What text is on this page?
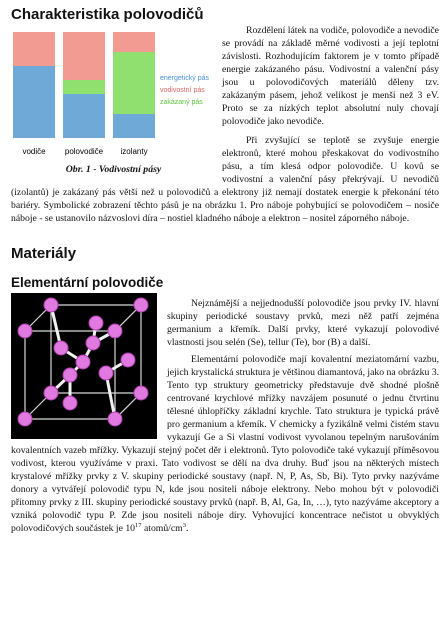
Charakteristika polovodičů
energetický pás
vodivostní pás
zakázaný pás
vodiče polovodiče izolanty
Obr. 1 - Vodivostní pásy

Rozdělení látek na vodiče, polovodiče a nevodiče se provádí na základě měrné vodivosti a její teplotní závislosti. Rozhodujícím faktorem je v tomto případě energie zakázaného pásu. Vodivostní a valenční pásy jsou u polovodičových materiálů děleny tzv. zakázaným pásem, jehož velikost je menší než 3 eV. Proto se za nízkých teplot absolutní nuly chovají polovodiče jako nevodiče.

Při zvyšující se teplotě se zvyšuje energie elektronů, které mohou přeskakovat do vodivostního pásu, a tím klesá odpor polovodiče. U kovů se vodivostní a valenční pásy překrývají. U nevodičů (izolantů) je zakázaný pás větší než u polovodičů a elektrony již nemají dostatek energie k překonání této bariéry. Symbolické zobrazení těchto pásů je na obrázku 1. Pro náboje pohybující se polovodičem – nosiče náboje - se ustanovilo názvoslovi díra – nostiel kladného náboje a elektron – nositel záporného náboje.

Materiály
Elementární polovodiče

Nejznámější a nejjednodušší polovodiče jsou prvky IV. hlavní skupiny periodické soustavy prvků, mezi něž patří zejména germanium a křemík. Další prvky, které vykazují polovodivé vlastnosti jsou selén (Se), tellur (Te), bor (B) a další.

Elementární polovodiče mají kovalentní meziatomární vazbu, jejich krystalická struktura je většinou diamantová, jako na obrázku 3. Tento typ struktury geometricky představuje dvě shodné plošně centrované krychlové mřížky navzájem posunuté o jednu čtvrtinu tělesné úhlopříčky základní krychle. Tato struktura je typická právě pro germanium a křemík. V chemicky a fyzikálně velmi čistém stavu vykazují Ge a Si vlastní vodivost vyvolanou tepelným narušováním kovalentních vazeb mřížky. Vykazují stejný počet děr i elektronů. Tyto polovodiče také vykazují příměsovou vodivost, kterou využíváme v praxi. Tato vodivost se dělí na dva druhy. Buď jsou na některých místech krystalové mřížky prvky z V. skupiny periodické soustavy (např. N, P, As, Sb, Bi). Tyto prvky nazýváme donory a vytvářejí polovodič typu N, kde jsou nositeli náboje elektrony. Nebo mohou být v polovodiči přítomny prvky z III. skupiny periodické soustavy prvků (např. B, Al, Ga, In, …), tyto nazýváme akceptory a vzniká polovodič typu P. Zde jsou nositeli náboje díry. Vyhovující koncentrace nečistot u obvyklých polovodičových součástek je $10^{17}$ atomů/$cm^3$.
